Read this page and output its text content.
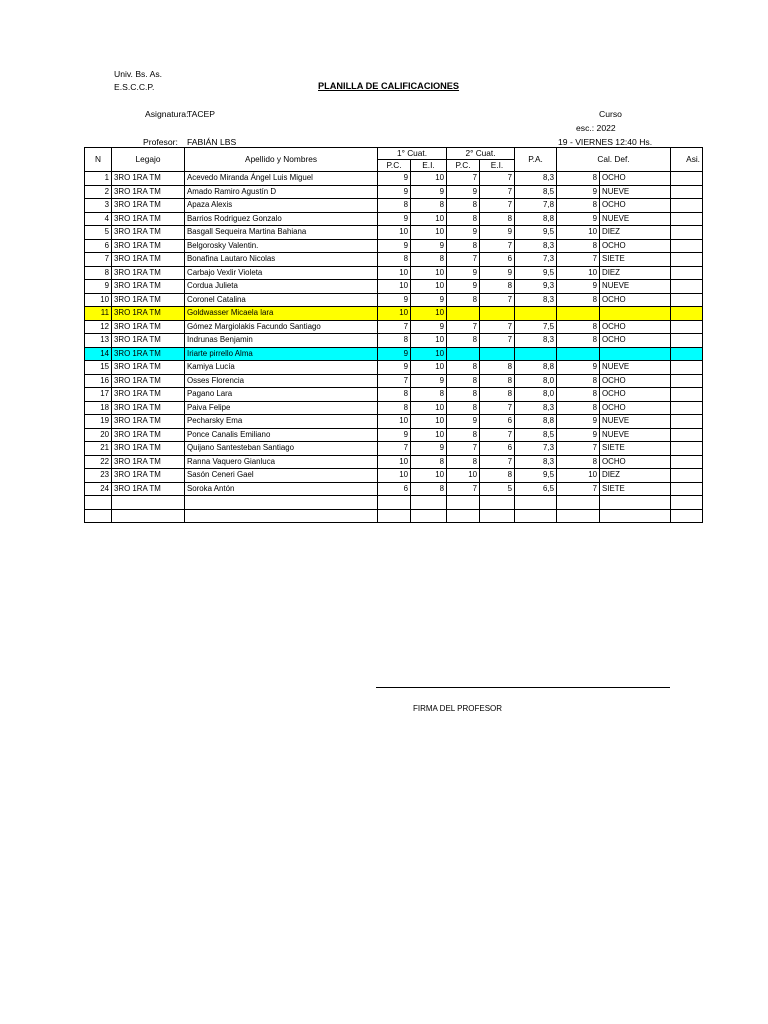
Univ. Bs. As.
E.S.C.C.P.	PLANILLA DE CALIFICACIONES
Asignatura:
TACEP	Curso
esc.: 2022
Profesor: FABIÁN LBS	19 - VIERNES 12:40 Hs.
N	Legajo	Apellido y Nombres	1° Cuat.		2° Cuat.		P.A.	Cal. Def.		Asi.
			P.C.	E.I.	P.C.	E.I.				
1	3RO 1RA TM	Acevedo Miranda Ángel Luis Miguel	9	10	7	7	8,3	8	OCHO	
2	3RO 1RA TM	Amado Ramiro Agustín D	9	9	9	7	8,5	9	NUEVE	
3	3RO 1RA TM	Apaza Alexis	8	8	8	7	7,8	8	OCHO	
4	3RO 1RA TM	Barrios Rodriguez Gonzalo	9	10	8	8	8,8	9	NUEVE	
5	3RO 1RA TM	Basgall Sequeira Martina Bahiana	10	10	9	9	9,5	10	DIEZ	
6	3RO 1RA TM	Belgorosky Valentin.	9	9	8	7	8,3	8	OCHO	
7	3RO 1RA TM	Bonafina Lautaro Nicolas	8	8	7	6	7,3	7	SIETE	
8	3RO 1RA TM	Carbajo Vexlir Violeta	10	10	9	9	9,5	10	DIEZ	
9	3RO 1RA TM	Cordua Julieta	10	10	9	8	9,3	9	NUEVE	
10	3RO 1RA TM	Coronel Catalina	9	9	8	7	8,3	8	OCHO	
11	3RO 1RA TM	Goldwasser Micaela lara	10	10						
12	3RO 1RA TM	Gómez Margiolakis Facundo Santiago	7	9	7	7	7,5	8	OCHO	
13	3RO 1RA TM	Indrunas Benjamin	8	10	8	7	8,3	8	OCHO	
14	3RO 1RA TM	Iriarte pirrello Alma	9	10						
15	3RO 1RA TM	Kamiya Lucía	9	10	8	8	8,8	9	NUEVE	
16	3RO 1RA TM	Osses Florencia	7	9	8	8	8,0	8	OCHO	
17	3RO 1RA TM	Pagano Lara	8	8	8	8	8,0	8	OCHO	
18	3RO 1RA TM	Paiva Felipe	8	10	8	7	8,3	8	OCHO	
19	3RO 1RA TM	Pecharsky Ema	10	10	9	6	8,8	9	NUEVE	
20	3RO 1RA TM	Ponce Canalis Emiliano	9	10	8	7	8,5	9	NUEVE	
21	3RO 1RA TM	Quijano Santesteban Santiago	7	9	7	6	7,3	7	SIETE	
22	3RO 1RA TM	Ranna Vaquero Gianluca	10	8	8	7	8,3	8	OCHO	
23	3RO 1RA TM	Sasón Ceneri Gael	10	10	10	8	9,5	10	DIEZ	
24	3RO 1RA TM	Soroka Antón	6	8	7	5	6,5	7	SIETE	

FIRMA DEL PROFESOR
